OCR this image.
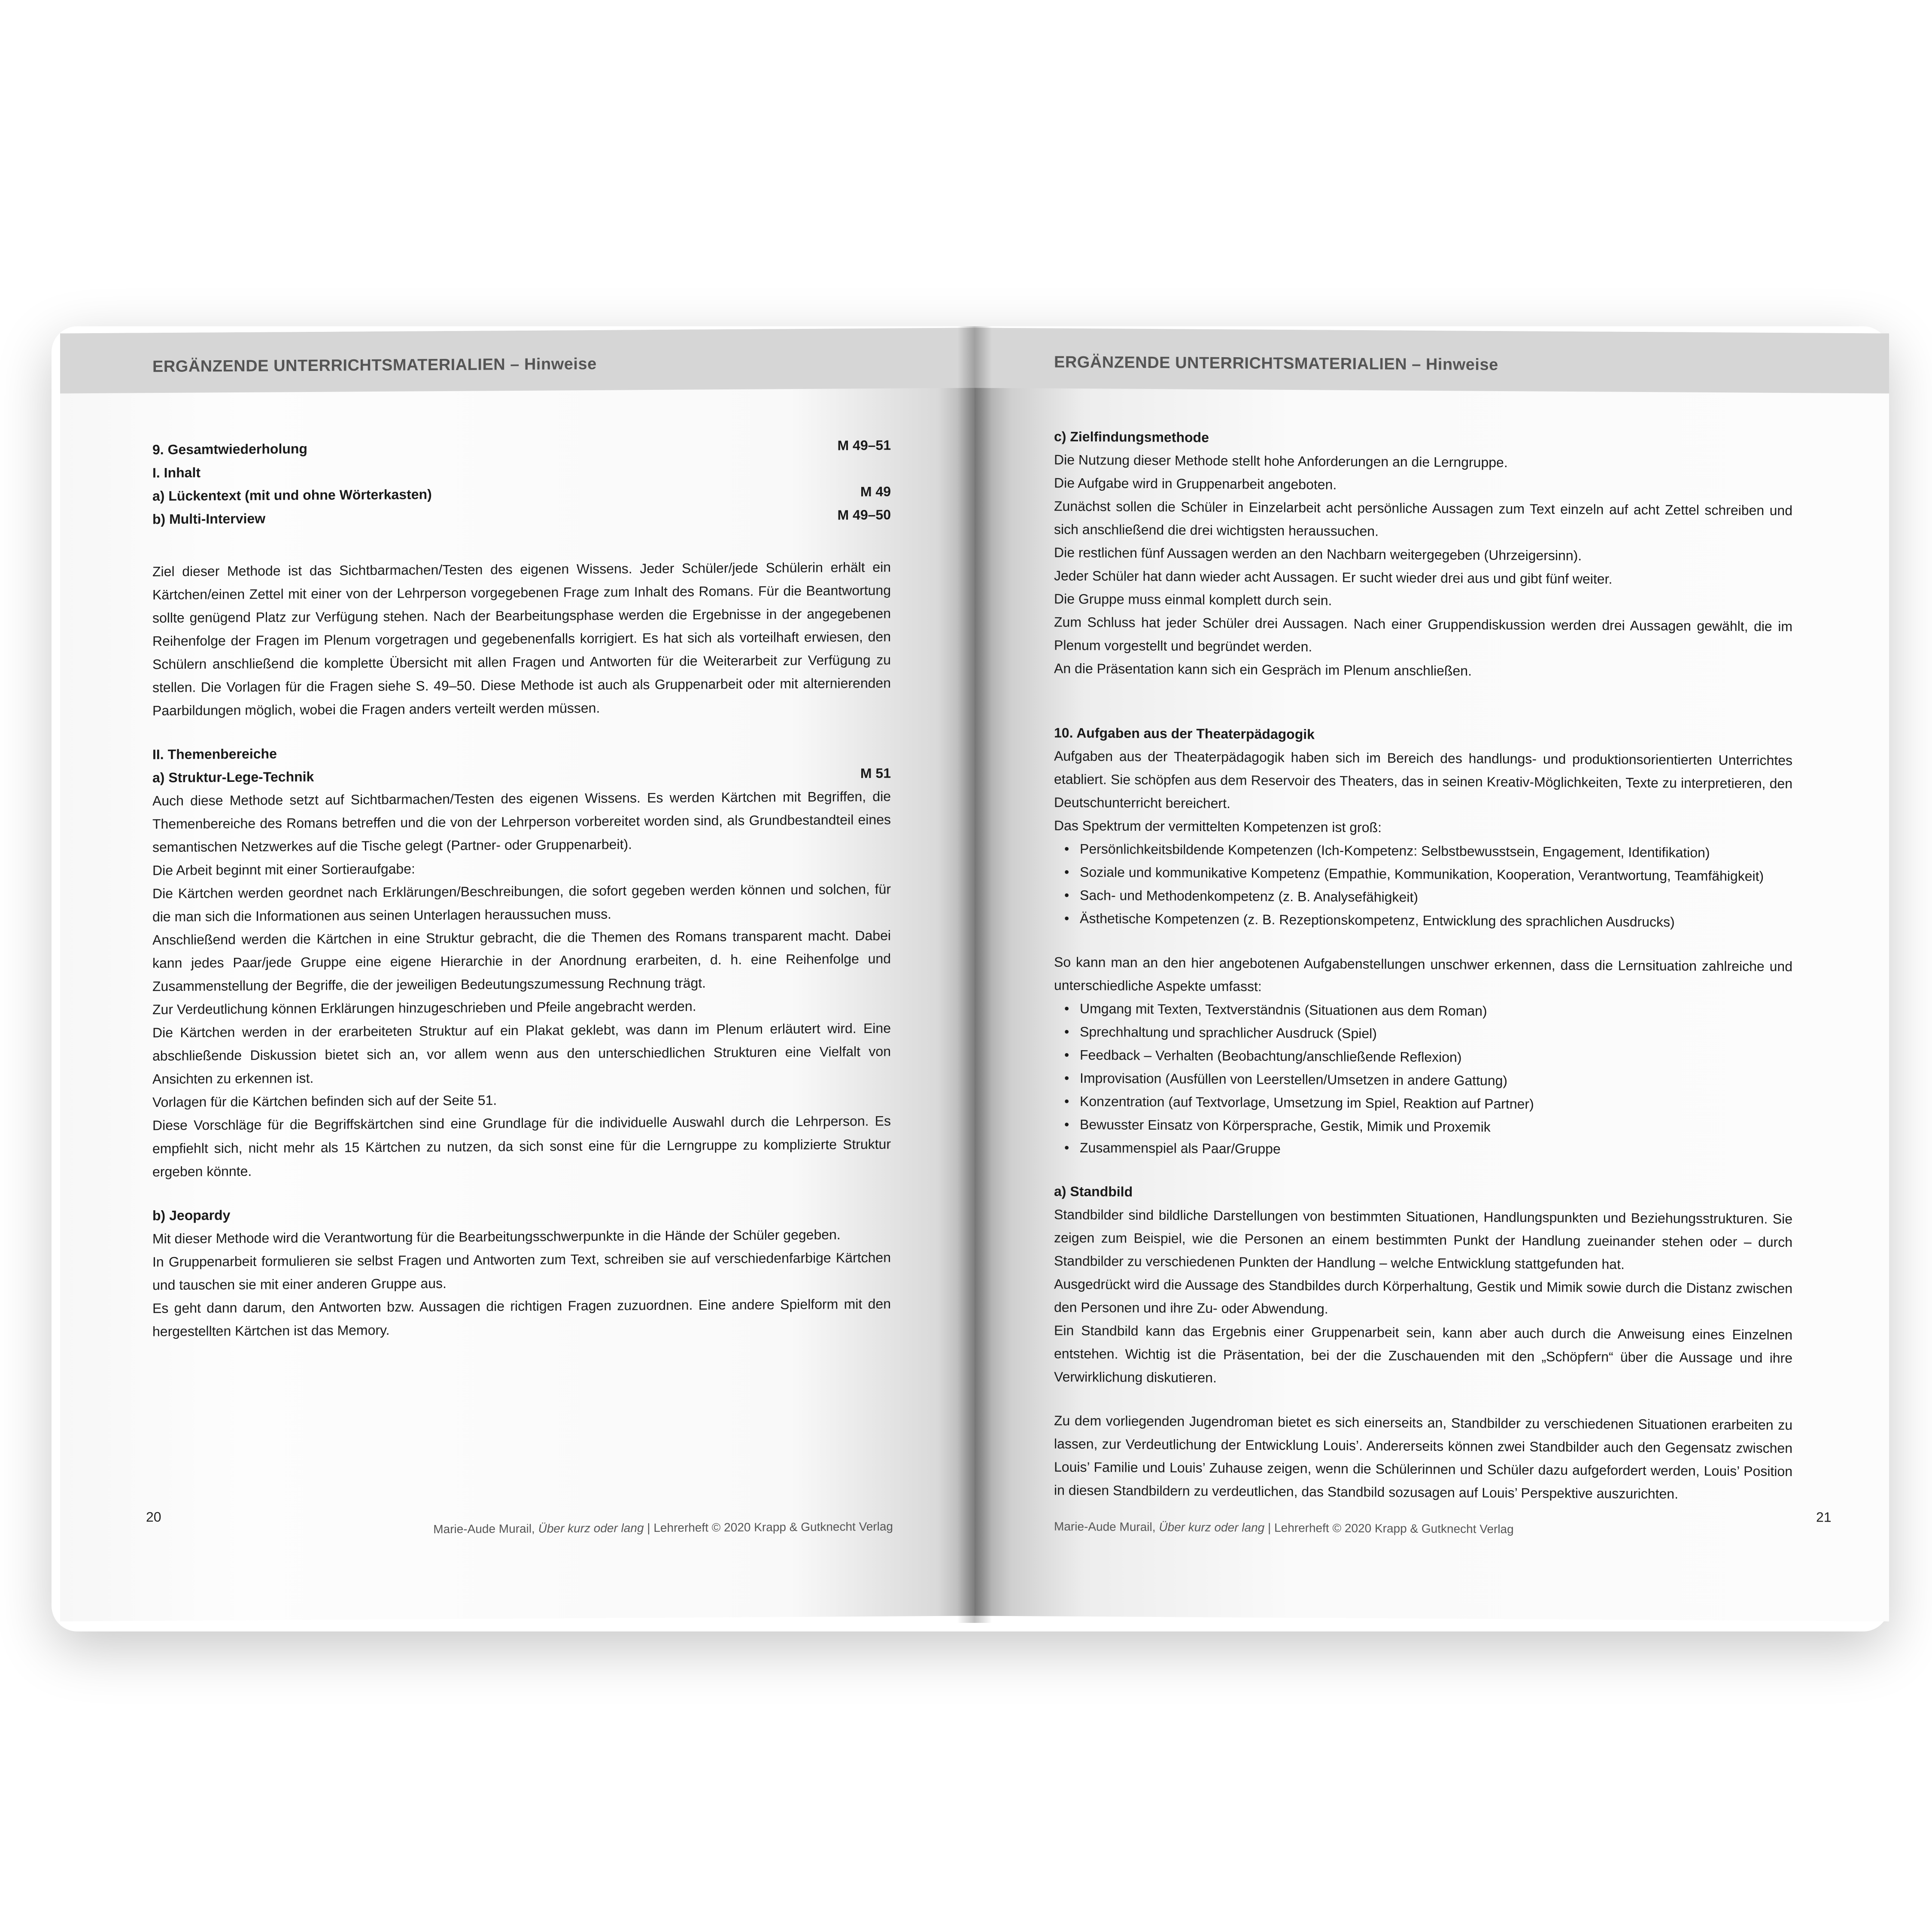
ERGÄNZENDE UNTERRICHTSMATERIALIEN – Hinweise
9. Gesamtwiederholung	M 49–51
I. Inhalt
a) Lückentext (mit und ohne Wörterkasten)	M 49
b) Multi-Interview	M 49–50

Ziel dieser Methode ist das Sichtbarmachen/Testen des eigenen Wissens. Jeder Schüler/jede Schülerin erhält ein Kärtchen/einen Zettel mit einer von der Lehrperson vorgegebenen Frage zum Inhalt des Romans. Für die Beantwortung sollte genügend Platz zur Verfügung stehen. Nach der Bearbeitungsphase werden die Ergebnisse in der angegebenen Reihenfolge der Fragen im Plenum vorgetragen und gegebenenfalls korrigiert. Es hat sich als vorteilhaft erwiesen, den Schülern anschließend die komplette Übersicht mit allen Fragen und Antworten für die Weiterarbeit zur Verfügung zu stellen. Die Vorlagen für die Fragen siehe S. 49–50. Diese Methode ist auch als Gruppenarbeit oder mit alternierenden Paarbildungen möglich, wobei die Fragen anders verteilt werden müssen.

II. Themenbereiche
a) Struktur-Lege-Technik	M 51

Auch diese Methode setzt auf Sichtbarmachen/Testen des eigenen Wissens. Es werden Kärtchen mit Begriffen, die Themenbereiche des Romans betreffen und die von der Lehrperson vorbereitet worden sind, als Grundbestandteil eines semantischen Netzwerkes auf die Tische gelegt (Partner- oder Gruppenarbeit).

Die Arbeit beginnt mit einer Sortieraufgabe:

Die Kärtchen werden geordnet nach Erklärungen/Beschreibungen, die sofort gegeben werden können und solchen, für die man sich die Informationen aus seinen Unterlagen heraussuchen muss.

Anschließend werden die Kärtchen in eine Struktur gebracht, die die Themen des Romans transparent macht. Dabei kann jedes Paar/jede Gruppe eine eigene Hierarchie in der Anordnung erarbeiten, d. h. eine Reihenfolge und Zusammenstellung der Begriffe, die der jeweiligen Bedeutungszumessung Rechnung trägt.

Zur Verdeutlichung können Erklärungen hinzugeschrieben und Pfeile angebracht werden.

Die Kärtchen werden in der erarbeiteten Struktur auf ein Plakat geklebt, was dann im Plenum erläutert wird. Eine abschließende Diskussion bietet sich an, vor allem wenn aus den unterschiedlichen Strukturen eine Vielfalt von Ansichten zu erkennen ist.

Vorlagen für die Kärtchen befinden sich auf der Seite 51.

Diese Vorschläge für die Begriffskärtchen sind eine Grundlage für die individuelle Auswahl durch die Lehrperson. Es empfiehlt sich, nicht mehr als 15 Kärtchen zu nutzen, da sich sonst eine für die Lerngruppe zu komplizierte Struktur ergeben könnte.

b) Jeopardy

Mit dieser Methode wird die Verantwortung für die Bearbeitungsschwerpunkte in die Hände der Schüler gegeben.

In Gruppenarbeit formulieren sie selbst Fragen und Antworten zum Text, schreiben sie auf verschiedenfarbige Kärtchen und tauschen sie mit einer anderen Gruppe aus.

Es geht dann darum, den Antworten bzw. Aussagen die richtigen Fragen zuzuordnen. Eine andere Spielform mit den hergestellten Kärtchen ist das Memory.

20
Marie-Aude Murail, Über kurz oder lang | Lehrerheft © 2020 Krapp & Gutknecht Verlag
ERGÄNZENDE UNTERRICHTSMATERIALIEN – Hinweise
c) Zielfindungsmethode

Die Nutzung dieser Methode stellt hohe Anforderungen an die Lerngruppe.

Die Aufgabe wird in Gruppenarbeit angeboten.

Zunächst sollen die Schüler in Einzelarbeit acht persönliche Aussagen zum Text einzeln auf acht Zettel schreiben und sich anschließend die drei wichtigsten heraussuchen.

Die restlichen fünf Aussagen werden an den Nachbarn weitergegeben (Uhrzeigersinn).

Jeder Schüler hat dann wieder acht Aussagen. Er sucht wieder drei aus und gibt fünf weiter.

Die Gruppe muss einmal komplett durch sein.

Zum Schluss hat jeder Schüler drei Aussagen. Nach einer Gruppendiskussion werden drei Aussagen gewählt, die im Plenum vorgestellt und begründet werden.

An die Präsentation kann sich ein Gespräch im Plenum anschließen.

10. Aufgaben aus der Theaterpädagogik

Aufgaben aus der Theaterpädagogik haben sich im Bereich des handlungs- und produktionsorientierten Unterrichtes etabliert. Sie schöpfen aus dem Reservoir des Theaters, das in seinen Kreativ-Möglichkeiten, Texte zu interpretieren, den Deutschunterricht bereichert.

Das Spektrum der vermittelten Kompetenzen ist groß:

• Persönlichkeitsbildende Kompetenzen (Ich-Kompetenz: Selbstbewusstsein, Engagement, Identifikation)
• Soziale und kommunikative Kompetenz (Empathie, Kommunikation, Kooperation, Verantwortung, Teamfähigkeit)
• Sach- und Methodenkompetenz (z. B. Analysefähigkeit)
• Ästhetische Kompetenzen (z. B. Rezeptionskompetenz, Entwicklung des sprachlichen Ausdrucks)

So kann man an den hier angebotenen Aufgabenstellungen unschwer erkennen, dass die Lernsituation zahlreiche und unterschiedliche Aspekte umfasst:

• Umgang mit Texten, Textverständnis (Situationen aus dem Roman)
• Sprechhaltung und sprachlicher Ausdruck (Spiel)
• Feedback – Verhalten (Beobachtung/anschließende Reflexion)
• Improvisation (Ausfüllen von Leerstellen/Umsetzen in andere Gattung)
• Konzentration (auf Textvorlage, Umsetzung im Spiel, Reaktion auf Partner)
• Bewusster Einsatz von Körpersprache, Gestik, Mimik und Proxemik
• Zusammenspiel als Paar/Gruppe
a) Standbild

Standbilder sind bildliche Darstellungen von bestimmten Situationen, Handlungspunkten und Beziehungsstrukturen. Sie zeigen zum Beispiel, wie die Personen an einem bestimmten Punkt der Handlung zueinander stehen oder – durch Standbilder zu verschiedenen Punkten der Handlung – welche Entwicklung stattgefunden hat.

Ausgedrückt wird die Aussage des Standbildes durch Körperhaltung, Gestik und Mimik sowie durch die Distanz zwischen den Personen und ihre Zu- oder Abwendung.

Ein Standbild kann das Ergebnis einer Gruppenarbeit sein, kann aber auch durch die Anweisung eines Einzelnen entstehen. Wichtig ist die Präsentation, bei der die Zuschauenden mit den „Schöpfern“ über die Aussage und ihre Verwirklichung diskutieren.

Zu dem vorliegenden Jugendroman bietet es sich einerseits an, Standbilder zu verschiedenen Situationen erarbeiten zu lassen, zur Verdeutlichung der Entwicklung Louis’. Andererseits können zwei Standbilder auch den Gegensatz zwischen Louis’ Familie und Louis’ Zuhause zeigen, wenn die Schülerinnen und Schüler dazu aufgefordert werden, Louis’ Position in diesen Standbildern zu verdeutlichen, das Standbild sozusagen auf Louis’ Perspektive auszurichten.

21
Marie-Aude Murail, Über kurz oder lang | Lehrerheft © 2020 Krapp & Gutknecht Verlag
